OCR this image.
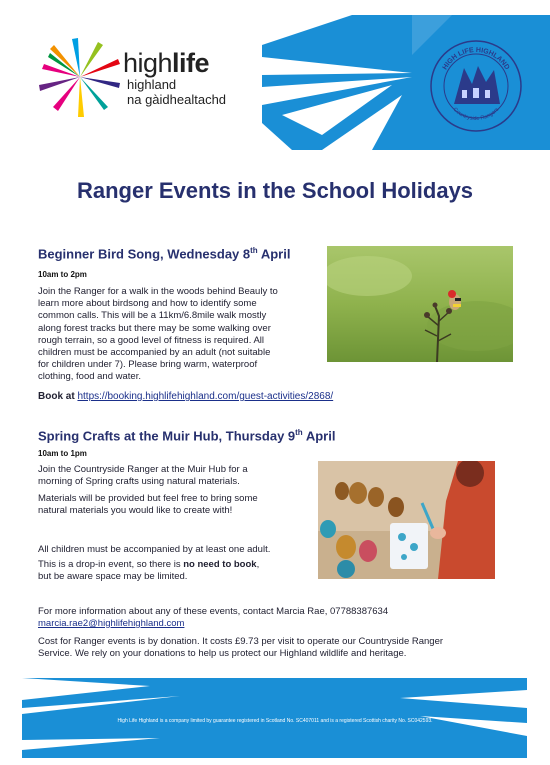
highlife
highland
na gàidhealtachd
HIGH LIFE HIGHLAND
Countryside Rangers
Ranger Events in the School Holidays
Beginner Bird Song, Wednesday 8th April
10am to 2pm
Join the Ranger for a walk in the woods behind Beauly to
learn more about birdsong and how to identify some
common calls. This will be a 11km/6.8mile walk mostly
along forest tracks but there may be some walking over
rough terrain, so a good level of fitness is required. All
children must be accompanied by an adult (not suitable
for children under 7). Please bring warm, waterproof
clothing, food and water.
Book at https://booking.highlifehighland.com/guest-activities/2868/
Spring Crafts at the Muir Hub, Thursday 9th April
10am to 1pm
Join the Countryside Ranger at the Muir Hub for a
morning of Spring crafts using natural materials.
Materials will be provided but feel free to bring some
natural materials you would like to create with!
All children must be accompanied by at least one adult.
This is a drop-in event, so there is no need to book,
but be aware space may be limited.
For more information about any of these events, contact Marcia Rae, 07788387634
marcia.rae2@highlifehighland.com
Cost for Ranger events is by donation. It costs £9.73 per visit to operate our Countryside Ranger
Service. We rely on your donations to help us protect our Highland wildlife and heritage.
High Life Highland is a company limited by guarantee registered in Scotland No. SC407011 and is a registered Scottish charity No. SC042593.
